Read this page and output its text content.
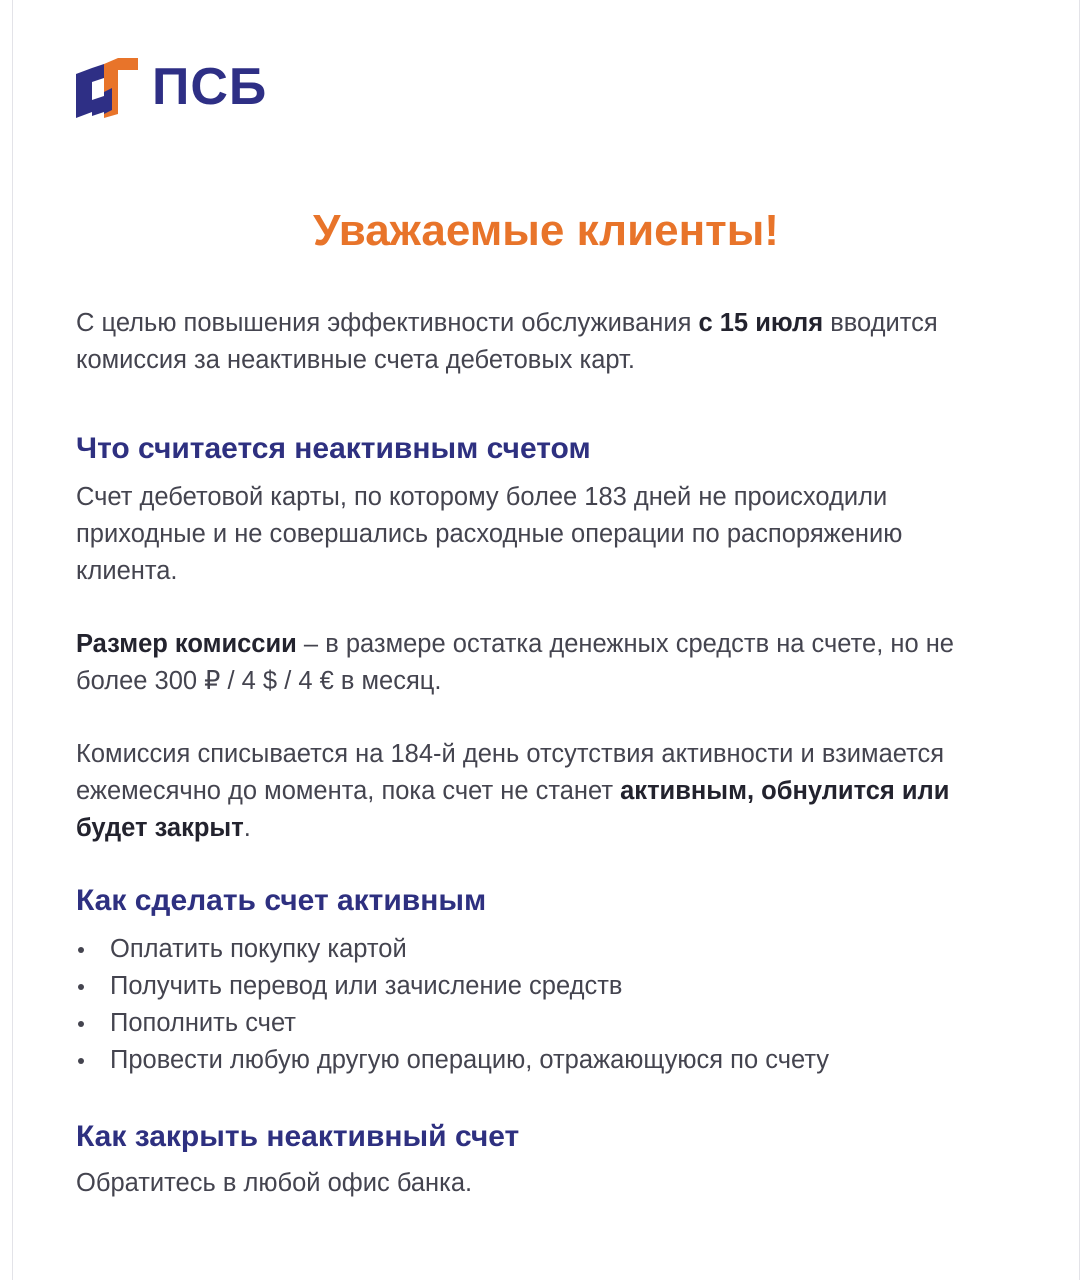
ПСБ
Уважаемые клиенты!

С целью повышения эффективности обслуживания с 15 июля вводится комиссия за неактивные счета дебетовых карт.

Что считается неактивным счетом

Счет дебетовой карты, по которому более 183 дней не происходили приходные и не совершались расходные операции по распоряжению клиента.

Размер комиссии – в размере остатка денежных средств на счете, но не более 300 ₽ / 4 $ / 4 € в месяц.

Комиссия списывается на 184-й день отсутствия активности и взимается ежемесячно до момента, пока счет не станет активным, обнулится или будет закрыт.

Как сделать счет активным
Оплатить покупку картой
Получить перевод или зачисление средств
Пополнить счет
Провести любую другую операцию, отражающуюся по счету
Как закрыть неактивный счет

Обратитесь в любой офис банка.
